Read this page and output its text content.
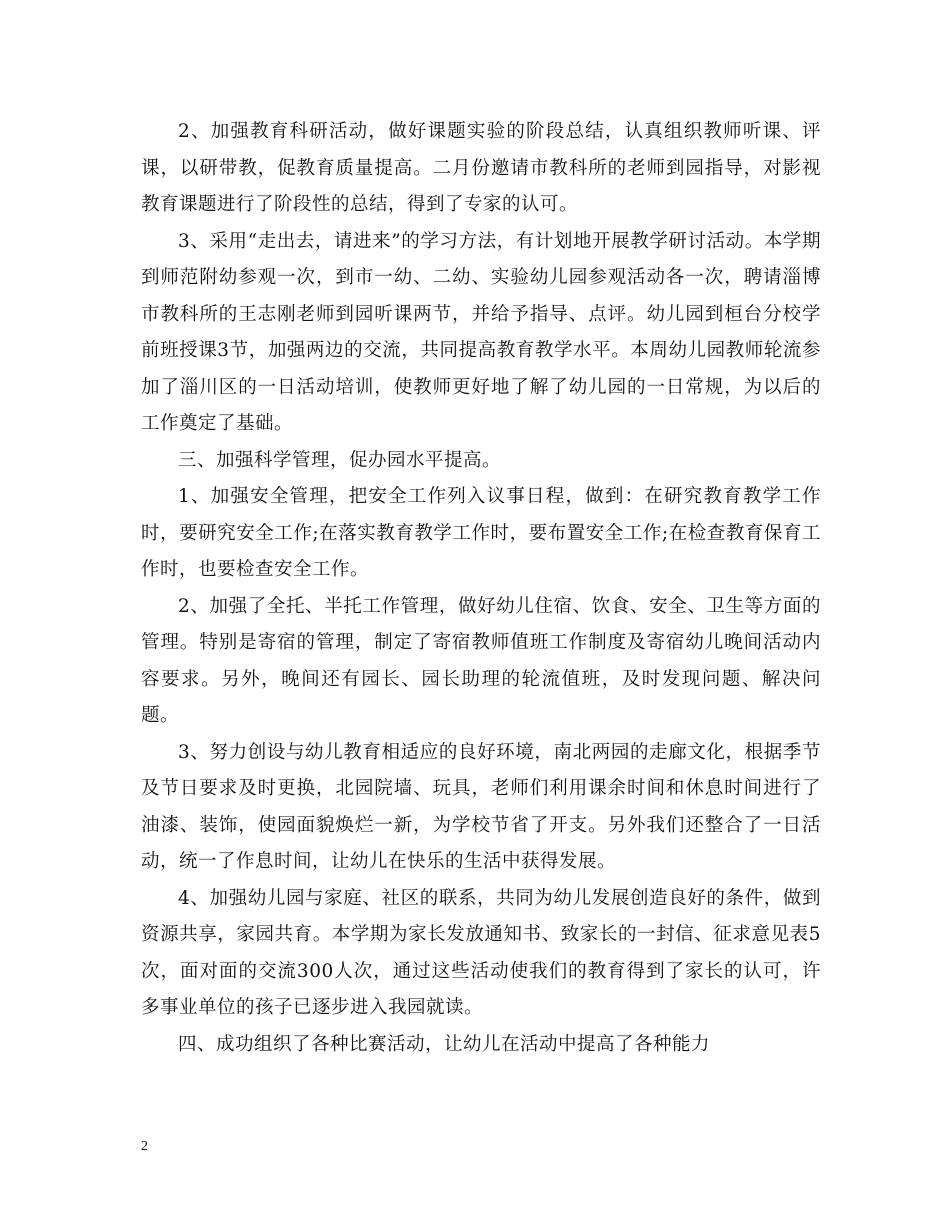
2、加强教育科研活动，做好课题实验的阶段总结，认真组织教师听课、评课，以研带教，促教育质量提高。二月份邀请市教科所的老师到园指导，对影视教育课题进行了阶段性的总结，得到了专家的认可。

3、采用“走出去，请进来”的学习方法，有计划地开展教学研讨活动。本学期到师范附幼参观一次，到市一幼、二幼、实验幼儿园参观活动各一次，聘请淄博市教科所的王志刚老师到园听课两节，并给予指导、点评。幼儿园到桓台分校学前班授课3节，加强两边的交流，共同提高教育教学水平。本周幼儿园教师轮流参加了淄川区的一日活动培训，使教师更好地了解了幼儿园的一日常规，为以后的工作奠定了基础。

三、加强科学管理，促办园水平提高。

1、加强安全管理，把安全工作列入议事日程，做到：在研究教育教学工作时，要研究安全工作;在落实教育教学工作时，要布置安全工作;在检查教育保育工作时，也要检查安全工作。

2、加强了全托、半托工作管理，做好幼儿住宿、饮食、安全、卫生等方面的管理。特别是寄宿的管理，制定了寄宿教师值班工作制度及寄宿幼儿晚间活动内容要求。另外，晚间还有园长、园长助理的轮流值班，及时发现问题、解决问题。

3、努力创设与幼儿教育相适应的良好环境，南北两园的走廊文化，根据季节及节日要求及时更换，北园院墙、玩具，老师们利用课余时间和休息时间进行了油漆、装饰，使园面貌焕烂一新，为学校节省了开支。另外我们还整合了一日活动，统一了作息时间，让幼儿在快乐的生活中获得发展。

4、加强幼儿园与家庭、社区的联系，共同为幼儿发展创造良好的条件，做到资源共享，家园共育。本学期为家长发放通知书、致家长的一封信、征求意见表5次，面对面的交流300人次，通过这些活动使我们的教育得到了家长的认可，许多事业单位的孩子已逐步进入我园就读。

四、成功组织了各种比赛活动，让幼儿在活动中提高了各种能力

2
